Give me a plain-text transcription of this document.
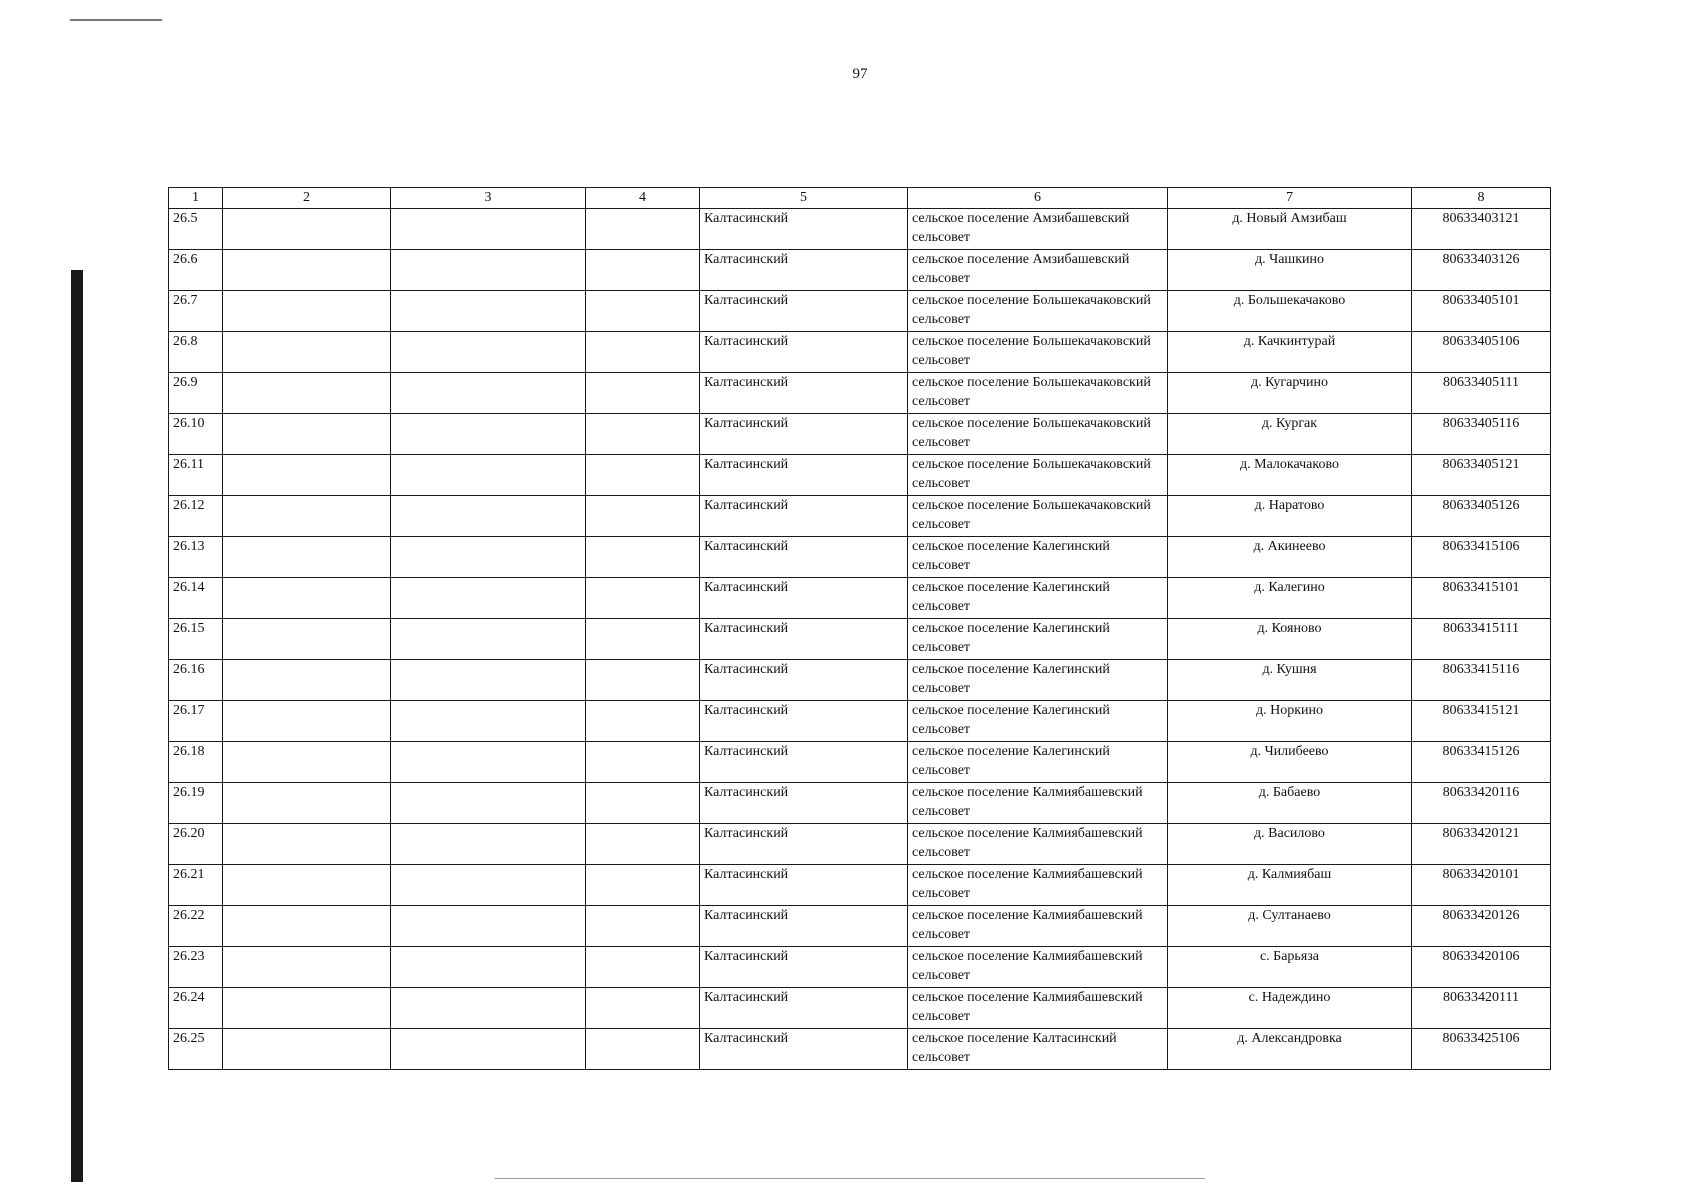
97
1	2	3	4	5	6	7	8
26.5				Калтасинский	сельское поселение Амзибашевский сельсовет	д. Новый Амзибаш	80633403121
26.6				Калтасинский	сельское поселение Амзибашевский сельсовет	д. Чашкино	80633403126
26.7				Калтасинский	сельское поселение Большекачаковский сельсовет	д. Большекачаково	80633405101
26.8				Калтасинский	сельское поселение Большекачаковский сельсовет	д. Качкинтурай	80633405106
26.9				Калтасинский	сельское поселение Большекачаковский сельсовет	д. Кугарчино	80633405111
26.10				Калтасинский	сельское поселение Большекачаковский сельсовет	д. Кургак	80633405116
26.11				Калтасинский	сельское поселение Большекачаковский сельсовет	д. Малокачаково	80633405121
26.12				Калтасинский	сельское поселение Большекачаковский сельсовет	д. Наратово	80633405126
26.13				Калтасинский	сельское поселение Калегинский сельсовет	д. Акинеево	80633415106
26.14				Калтасинский	сельское поселение Калегинский сельсовет	д. Калегино	80633415101
26.15				Калтасинский	сельское поселение Калегинский сельсовет	д. Кояново	80633415111
26.16				Калтасинский	сельское поселение Калегинский сельсовет	д. Кушня	80633415116
26.17				Калтасинский	сельское поселение Калегинский сельсовет	д. Норкино	80633415121
26.18				Калтасинский	сельское поселение Калегинский сельсовет	д. Чилибеево	80633415126
26.19				Калтасинский	сельское поселение Калмиябашевский сельсовет	д. Бабаево	80633420116
26.20				Калтасинский	сельское поселение Калмиябашевский сельсовет	д. Василово	80633420121
26.21				Калтасинский	сельское поселение Калмиябашевский сельсовет	д. Калмиябаш	80633420101
26.22				Калтасинский	сельское поселение Калмиябашевский сельсовет	д. Султанаево	80633420126
26.23				Калтасинский	сельское поселение Калмиябашевский сельсовет	с. Барьяза	80633420106
26.24				Калтасинский	сельское поселение Калмиябашевский сельсовет	с. Надеждино	80633420111
26.25				Калтасинский	сельское поселение Калтасинский сельсовет	д. Александровка	80633425106
